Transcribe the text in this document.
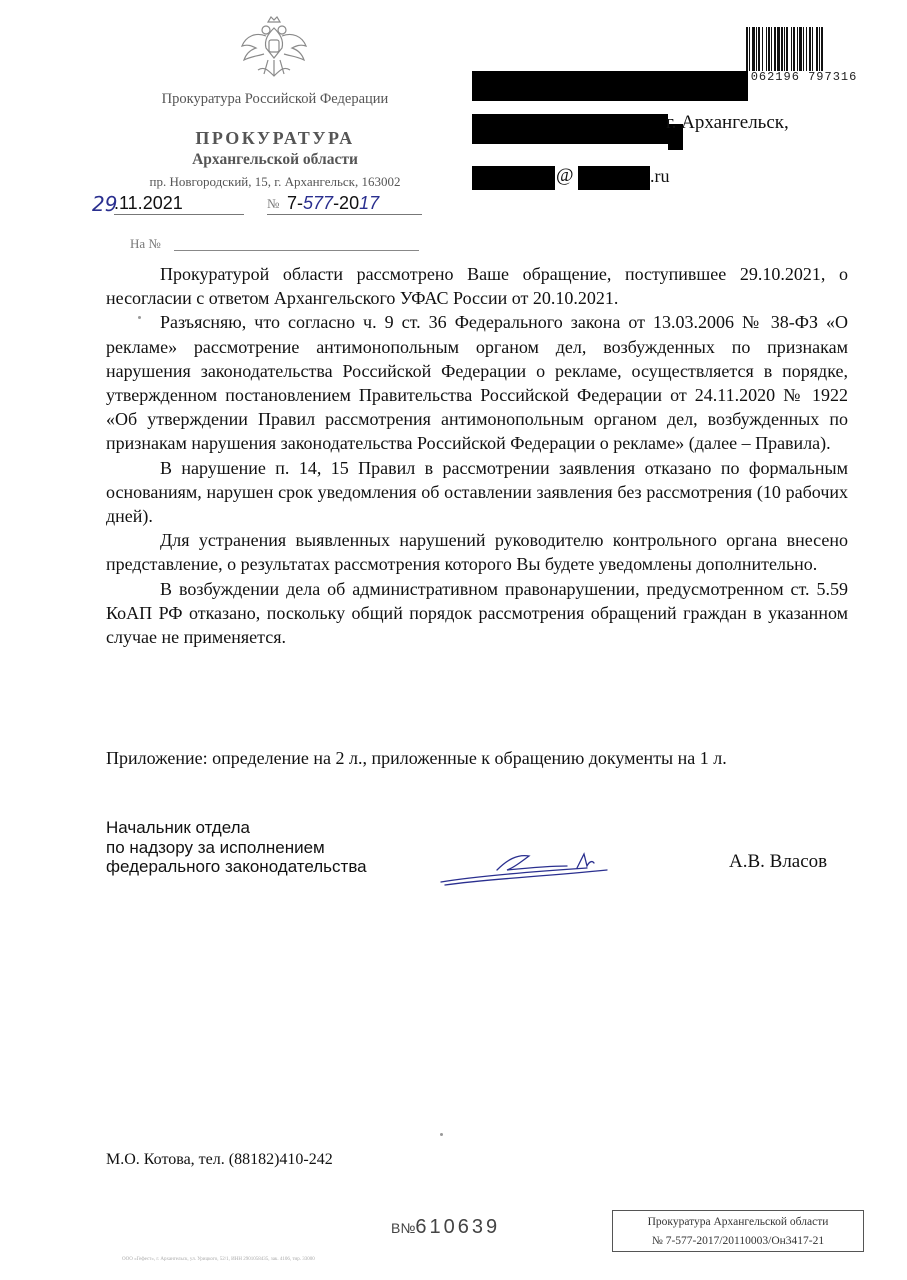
Прокуратура Российской Федерации
ПРОКУРАТУРА
Архангельской области
пр. Новгородский, 15, г. Архангельск, 163002
29
.11.2021	№ 7-577-2017
На №
062196 797316
г. Архангельск,
@	.ru

Прокуратурой области рассмотрено Ваше обращение, поступившее 29.10.2021, о несогласии с ответом Архангельского УФАС России от 20.10.2021.

Разъясняю, что согласно ч. 9 ст. 36 Федерального закона от 13.03.2006 № 38-ФЗ «О рекламе» рассмотрение антимонопольным органом дел, возбужденных по признакам нарушения законодательства Российской Федерации о рекламе, осуществляется в порядке, утвержденном постановлением Правительства Российской Федерации от 24.11.2020 № 1922 «Об утверждении Правил рассмотрения антимонопольным органом дел, возбужденных по признакам нарушения законодательства Российской Федерации о рекламе» (далее – Правила).

В нарушение п. 14, 15 Правил в рассмотрении заявления отказано по формальным основаниям, нарушен срок уведомления об оставлении заявления без рассмотрения (10 рабочих дней).

Для устранения выявленных нарушений руководителю контрольного органа внесено представление, о результатах рассмотрения которого Вы будете уведомлены дополнительно.

В возбуждении дела об административном правонарушении, предусмотренном ст. 5.59 КоАП РФ отказано, поскольку общий порядок рассмотрения обращений граждан в указанном случае не применяется.

Приложение: определение на 2 л., приложенные к обращению документы на 1 л.
Начальник отдела
по надзору за исполнением
федерального законодательства	А.В. Власов
М.О. Котова, тел. (88182)410-242
В№610639	Прокуратура Архангельской области
№ 7-577-2017/20110003/Он3417-21
ООО «Гефест», г. Архангельск, ул. Урицкого, 52/1, ИНН 2901058435, зак. 4106, тир. 33000
